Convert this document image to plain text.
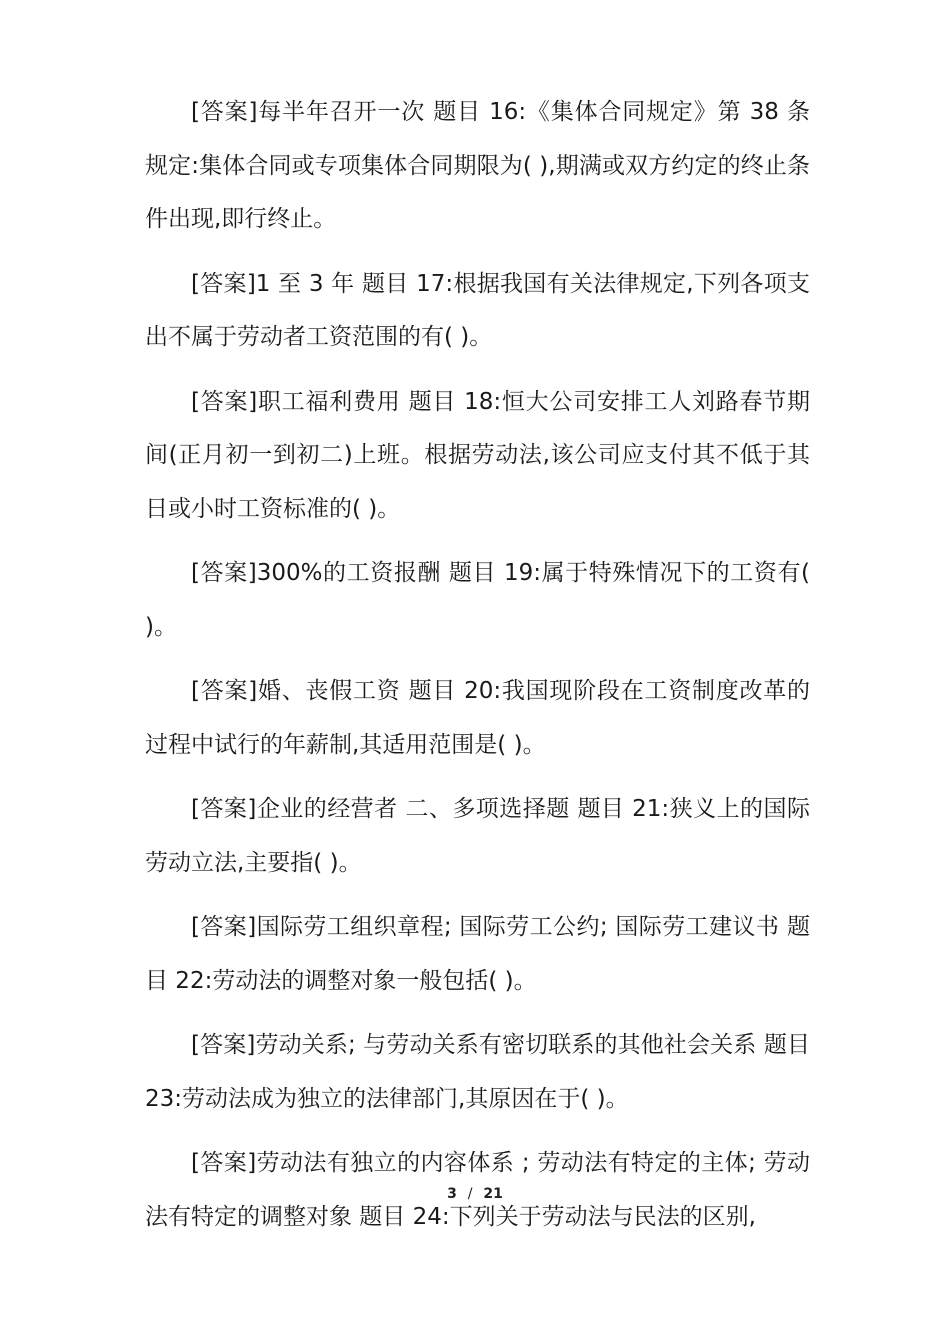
[答案]每半年召开一次 题目 16:《集体合同规定》第 38 条规定:集体合同或专项集体合同期限为( ),期满或双方约定的终止条件出现,即行终止。

[答案]1 至 3 年 题目 17:根据我国有关法律规定,下列各项支出不属于劳动者工资范围的有( )。

[答案]职工福利费用 题目 18:恒大公司安排工人刘路春节期间(正月初一到初二)上班。根据劳动法,该公司应支付其不低于其日或小时工资标准的( )。

[答案]300%的工资报酬 题目 19:属于特殊情况下的工资有( )。

[答案]婚、丧假工资 题目 20:我国现阶段在工资制度改革的过程中试行的年薪制,其适用范围是( )。

[答案]企业的经营者 二、多项选择题 题目 21:狭义上的国际劳动立法,主要指( )。

[答案]国际劳工组织章程; 国际劳工公约; 国际劳工建议书 题目 22:劳动法的调整对象一般包括( )。

[答案]劳动关系; 与劳动关系有密切联系的其他社会关系 题目 23:劳动法成为独立的法律部门,其原因在于( )。

[答案]劳动法有独立的内容体系 ; 劳动法有特定的主体; 劳动法有特定的调整对象 题目 24:下列关于劳动法与民法的区别,

3 / 21
